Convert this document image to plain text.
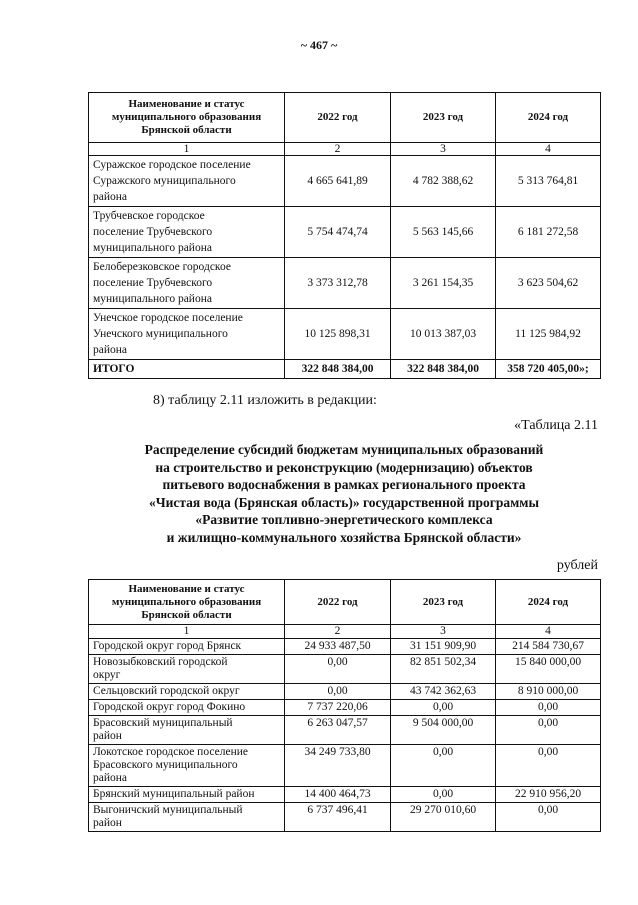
~ 467 ~
Наименование и статус
муниципального образования
Брянской области	2022 год	2023 год	2024 год
1	2	3	4

Суражское городское поселение
Суражского муниципального
района	4 665 641,89	4 782 388,62	5 313 764,81

Трубчевское городское
поселение Трубчевского
муниципального района	5 754 474,74	5 563 145,66	6 181 272,58

Белоберезковское городское
поселение Трубчевского
муниципального района	3 373 312,78	3 261 154,35	3 623 504,62

Унечское городское поселение
Унечского муниципального
района	10 125 898,31	10 013 387,03	11 125 984,92
ИТОГО	322 848 384,00	322 848 384,00	358 720 405,00»;
8) таблицу 2.11 изложить в редакции:
«Таблица 2.11
Распределение субсидий бюджетам муниципальных образований
на строительство и реконструкцию (модернизацию) объектов
питьевого водоснабжения в рамках регионального проекта
«Чистая вода (Брянская область)» государственной программы
«Развитие топливно-энергетического комплекса
и жилищно-коммунального хозяйства Брянской области»
рублей
Наименование и статус
муниципального образования
Брянской области	2022 год	2023 год	2024 год
1	2	3	4

Городской округ город Брянск	24 933 487,50	31 151 909,90	214 584 730,67

Новозыбковский городской
округ	0,00	82 851 502,34	15 840 000,00

Сельцовский городской округ	0,00	43 742 362,63	8 910 000,00

Городской округ город Фокино	7 737 220,06	0,00	0,00

Брасовский муниципальный
район	6 263 047,57	9 504 000,00	0,00

Локотское городское поселение
Брасовского муниципального
района	34 249 733,80	0,00	0,00

Брянский муниципальный район	14 400 464,73	0,00	22 910 956,20

Выгоничский муниципальный
район	6 737 496,41	29 270 010,60	0,00
